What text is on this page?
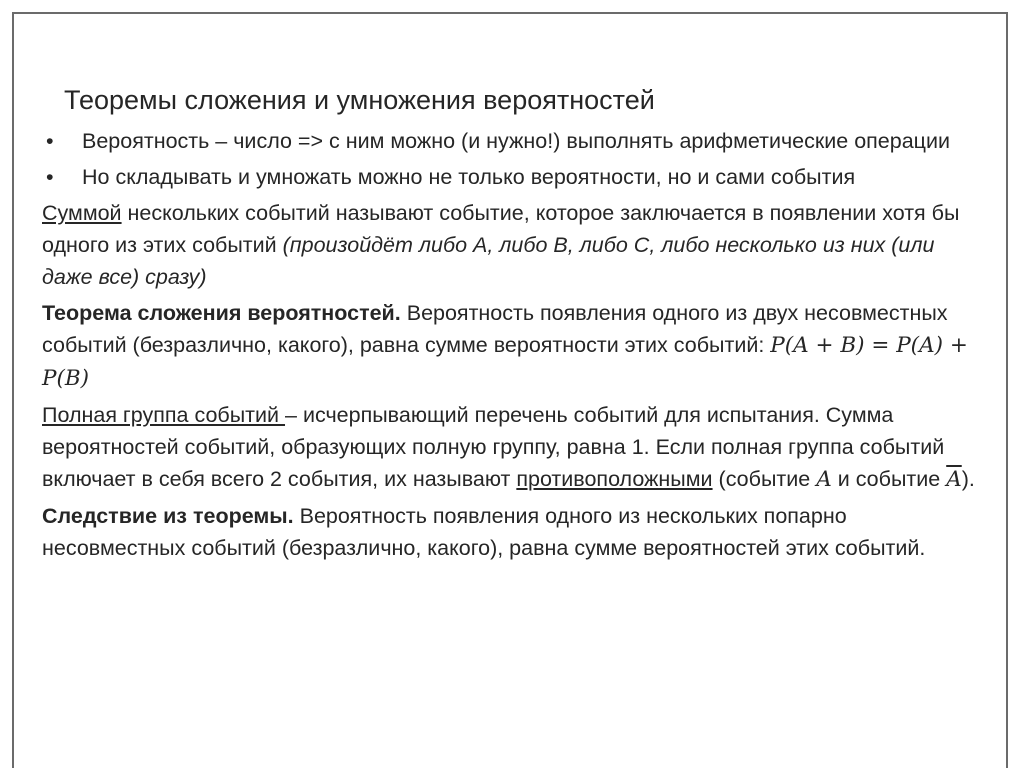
Теоремы сложения и умножения вероятностей
• Вероятность – число => с ним можно (и нужно!) выполнять арифметические операции
• Но складывать и умножать можно не только вероятности, но и сами события
Суммой нескольких событий называют событие, которое заключается в появлении хотя бы одного из этих событий (произойдёт либо А, либо В, либо С, либо несколько из них (или даже все) сразу)
Теорема сложения вероятностей. Вероятность появления одного из двух несовместных событий (безразлично, какого), равна сумме вероятности этих событий: P(A + B) = P(A) + P(B)
Полная группа событий – исчерпывающий перечень событий для испытания. Сумма вероятностей событий, образующих полную группу, равна 1. Если полная группа событий включает в себя всего 2 события, их называют противоположными (событие A и событие $\overline{A}$).
Следствие из теоремы. Вероятность появления одного из нескольких попарно несовместных событий (безразлично, какого), равна сумме вероятностей этих событий.
